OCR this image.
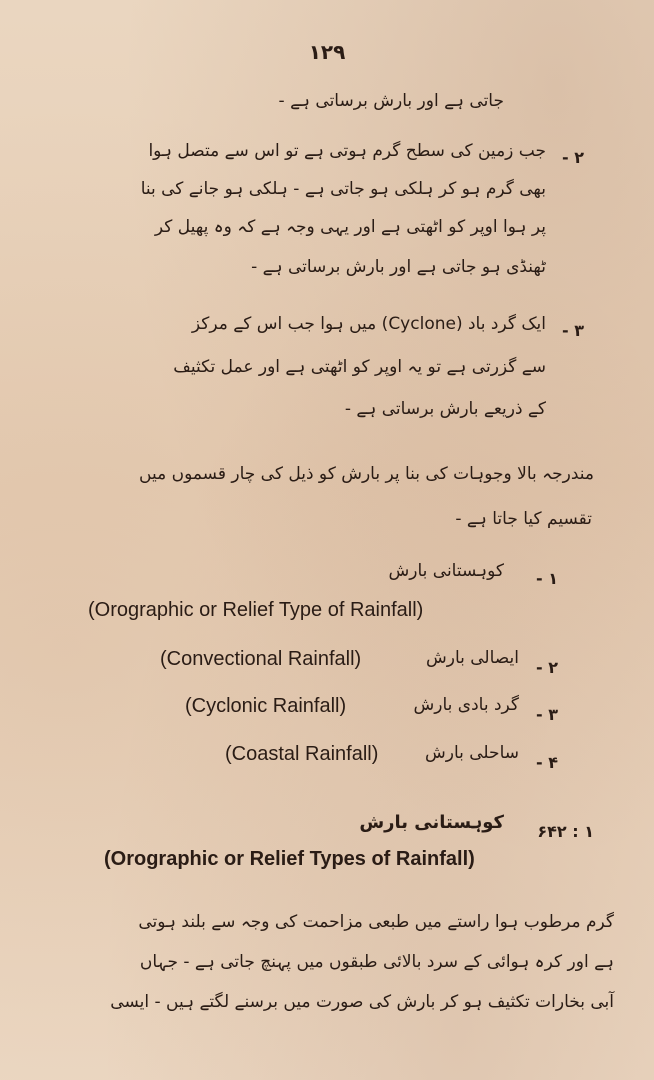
۱۲۹
جاتی ہے اور بارش برساتی ہے -
۲ -
جب زمین کی سطح گرم ہوتی ہے تو اس سے متصل ہوا
بھی گرم ہو کر ہلکی ہو جاتی ہے - ہلکی ہو جانے کی بنا
پر ہوا اوپر کو اٹھتی ہے اور یہی وجہ ہے کہ وہ پھیل کر
ٹھنڈی ہو جاتی ہے اور بارش برساتی ہے -
۳ -
ایک گرد باد (Cyclone) میں ہوا جب اس کے مرکز
سے گزرتی ہے تو یہ اوپر کو اٹھتی ہے اور عمل تکثیف
کے ذریعے بارش برساتی ہے -
مندرجہ بالا وجوہات کی بنا پر بارش کو ذیل کی چار قسموں میں
تقسیم کیا جاتا ہے -
۱ -
کوہستانی بارش
(Orographic or Relief Type of Rainfall)
۲ -
ایصالی بارش
(Convectional Rainfall)
۳ -
گرد بادی بارش
(Cyclonic Rainfall)
۴ -
ساحلی بارش
(Coastal Rainfall)
۱ : ۶۴۲
کوہستانی بارش
(Orographic or Relief Types of Rainfall)
گرم مرطوب ہوا راستے میں طبعی مزاحمت کی وجہ سے بلند ہوتی
ہے اور کرہ ہوائی کے سرد بالائی طبقوں میں پہنچ جاتی ہے - جہاں
آبی بخارات تکثیف ہو کر بارش کی صورت میں برسنے لگتے ہیں - ایسی
